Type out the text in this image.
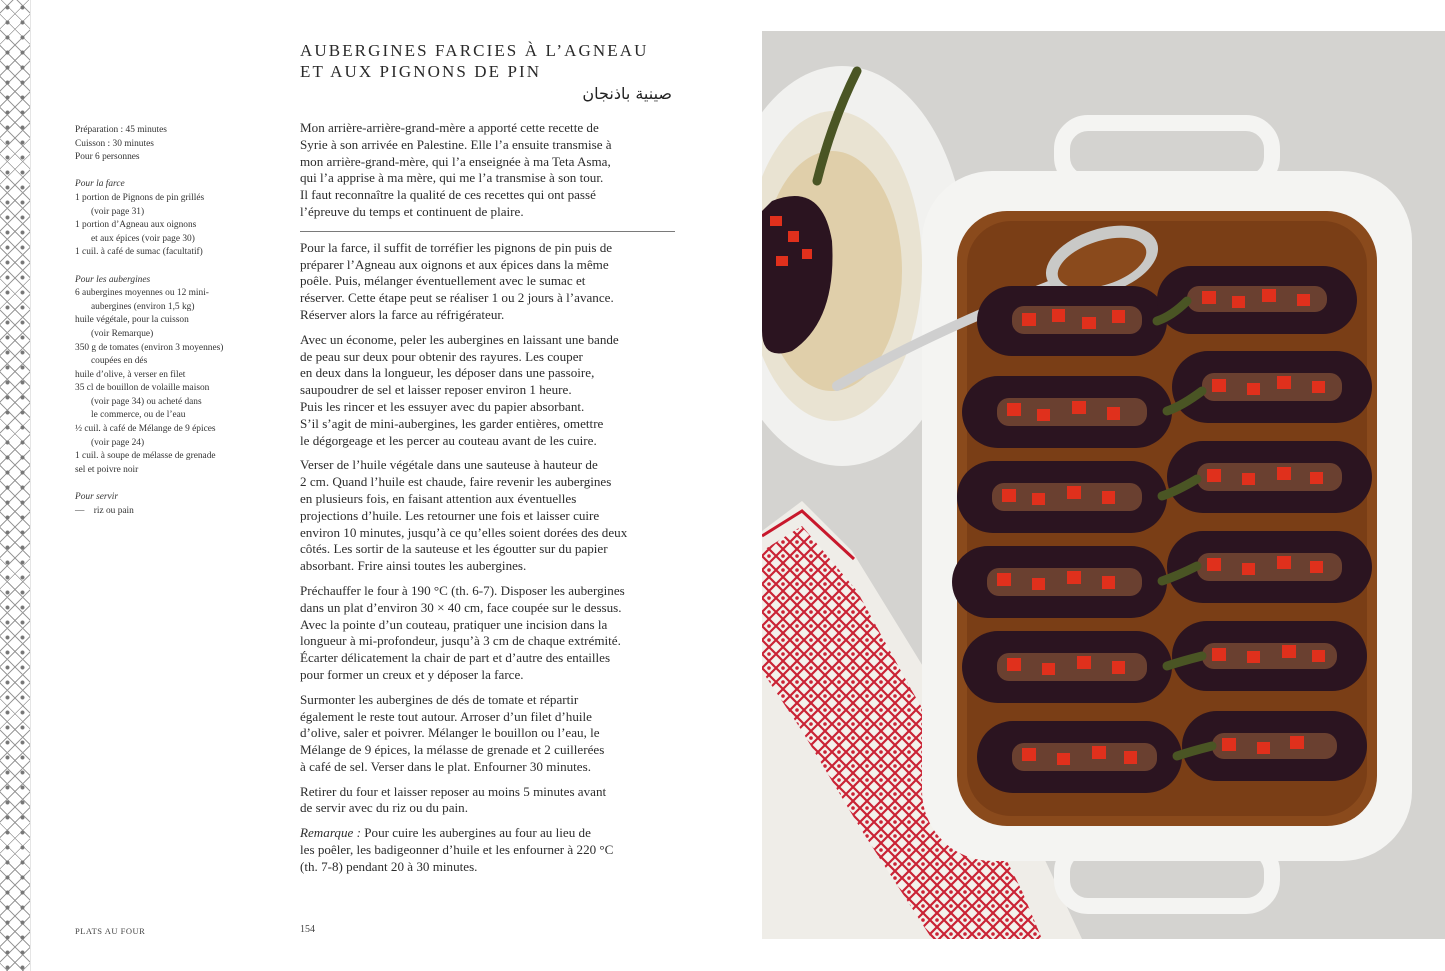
AUBERGINES FARCIES À L’AGNEAU
ET AUX PIGNONS DE PIN
صينية باذنجان

Préparation : 45 minutes

Cuisson : 30 minutes

Pour 6 personnes

Pour la farce

1 portion de Pignons de pin grillés

(voir page 31)

1 portion d’Agneau aux oignons

et aux épices (voir page 30)

1 cuil. à café de sumac (facultatif)

Pour les aubergines

6 aubergines moyennes ou 12 mini-

aubergines (environ 1,5 kg)

huile végétale, pour la cuisson

(voir Remarque)

350 g de tomates (environ 3 moyennes)

coupées en dés

huile d’olive, à verser en filet

35 cl de bouillon de volaille maison

(voir page 34) ou acheté dans

le commerce, ou de l’eau

½ cuil. à café de Mélange de 9 épices

(voir page 24)

1 cuil. à soupe de mélasse de grenade

sel et poivre noir

Pour servir

—    riz ou pain

Mon arrière-arrière-grand-mère a apporté cette recette de

Syrie à son arrivée en Palestine. Elle l’a ensuite transmise à

mon arrière-grand-mère, qui l’a enseignée à ma Teta Asma,

qui l’a apprise à ma mère, qui me l’a transmise à son tour.

Il faut reconnaître la qualité de ces recettes qui ont passé

l’épreuve du temps et continuent de plaire.

Pour la farce, il suffit de torréfier les pignons de pin puis de
préparer l’Agneau aux oignons et aux épices dans la même
poêle. Puis, mélanger éventuellement avec le sumac et
réserver. Cette étape peut se réaliser 1 ou 2 jours à l’avance.
Réserver alors la farce au réfrigérateur.

Avec un économe, peler les aubergines en laissant une bande
de peau sur deux pour obtenir des rayures. Les couper
en deux dans la longueur, les déposer dans une passoire,
saupoudrer de sel et laisser reposer environ 1 heure.
Puis les rincer et les essuyer avec du papier absorbant.
S’il s’agit de mini-aubergines, les garder entières, omettre
le dégorgeage et les percer au couteau avant de les cuire.

Verser de l’huile végétale dans une sauteuse à hauteur de
2 cm. Quand l’huile est chaude, faire revenir les aubergines
en plusieurs fois, en faisant attention aux éventuelles
projections d’huile. Les retourner une fois et laisser cuire
environ 10 minutes, jusqu’à ce qu’elles soient dorées des deux
côtés. Les sortir de la sauteuse et les égoutter sur du papier
absorbant. Frire ainsi toutes les aubergines.

Préchauffer le four à 190 °C (th. 6-7). Disposer les aubergines
dans un plat d’environ 30 × 40 cm, face coupée sur le dessus.
Avec la pointe d’un couteau, pratiquer une incision dans la
longueur à mi-profondeur, jusqu’à 3 cm de chaque extrémité.
Écarter délicatement la chair de part et d’autre des entailles
pour former un creux et y déposer la farce.

Surmonter les aubergines de dés de tomate et répartir
également le reste tout autour. Arroser d’un filet d’huile
d’olive, saler et poivrer. Mélanger le bouillon ou l’eau, le
Mélange de 9 épices, la mélasse de grenade et 2 cuillerées
à café de sel. Verser dans le plat. Enfourner 30 minutes.

Retirer du four et laisser reposer au moins 5 minutes avant
de servir avec du riz ou du pain.

Remarque : Pour cuire les aubergines au four au lieu de
les poêler, les badigeonner d’huile et les enfourner à 220 °C
(th. 7-8) pendant 20 à 30 minutes.

PLATS AU FOUR	154
